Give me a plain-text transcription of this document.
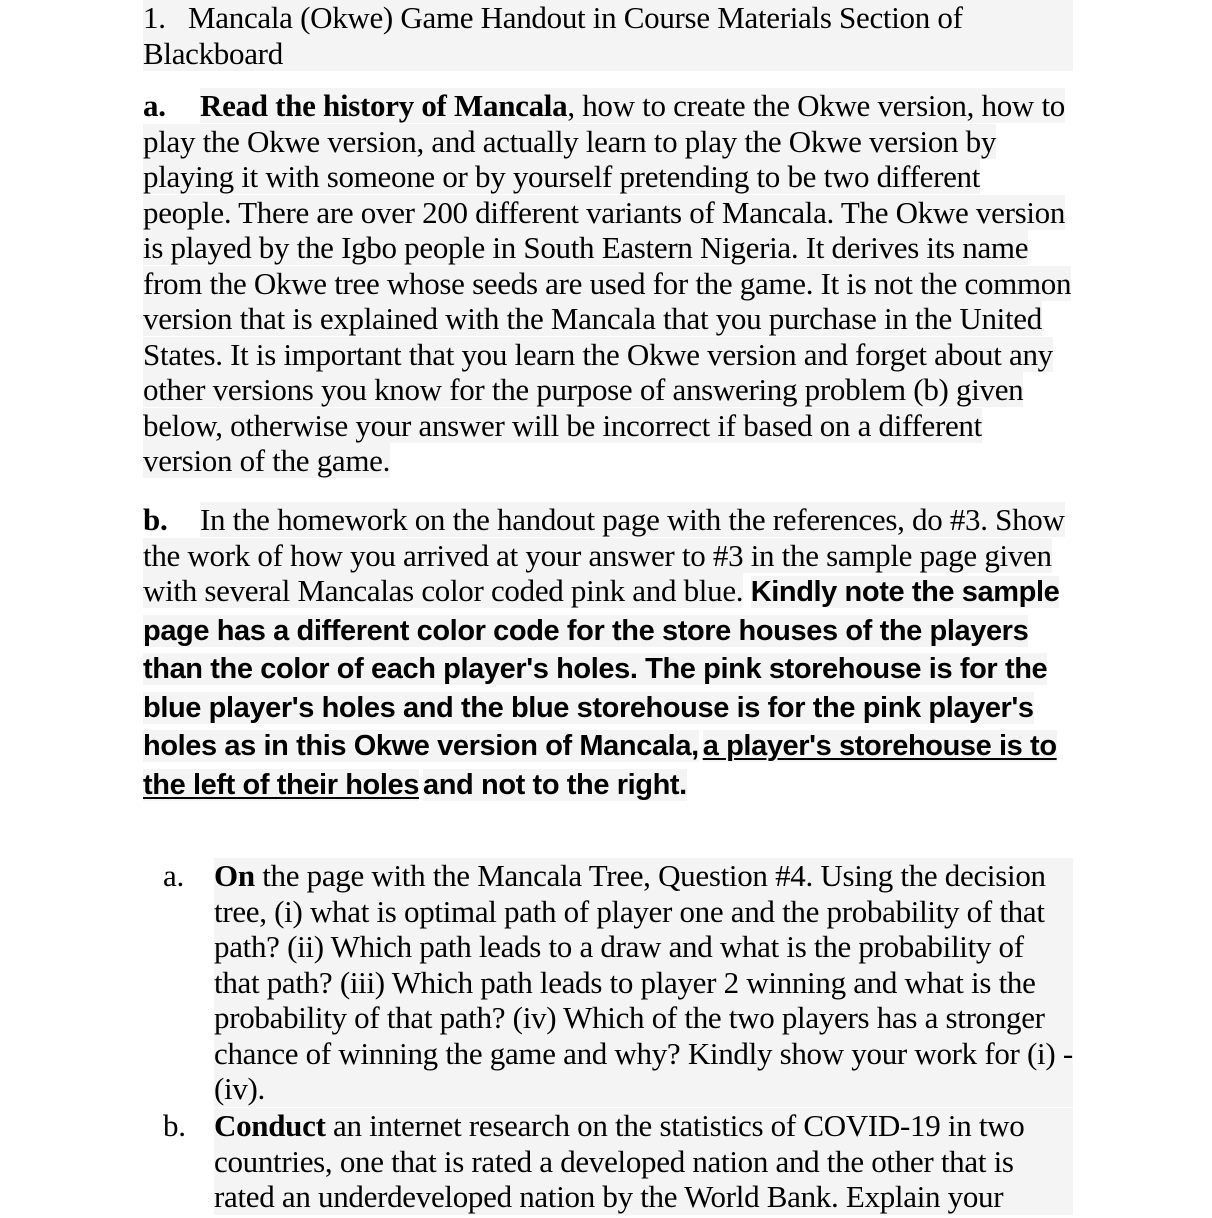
1. Mancala (Okwe) Game Handout in Course Materials Section of Blackboard
a. Read the history of Mancala, how to create the Okwe version, how to play the Okwe version, and actually learn to play the Okwe version by playing it with someone or by yourself pretending to be two different people. There are over 200 different variants of Mancala. The Okwe version is played by the Igbo people in South Eastern Nigeria. It derives its name from the Okwe tree whose seeds are used for the game. It is not the common version that is explained with the Mancala that you purchase in the United States. It is important that you learn the Okwe version and forget about any other versions you know for the purpose of answering problem (b) given below, otherwise your answer will be incorrect if based on a different version of the game.
b. In the homework on the handout page with the references, do #3. Show the work of how you arrived at your answer to #3 in the sample page given with several Mancalas color coded pink and blue. Kindly note the sample page has a different color code for the store houses of the players than the color of each player's holes. The pink storehouse is for the blue player's holes and the blue storehouse is for the pink player's holes as in this Okwe version of Mancala, a player's storehouse is to the left of their holes and not to the right.
a. On the page with the Mancala Tree, Question #4. Using the decision tree, (i) what is optimal path of player one and the probability of that path? (ii) Which path leads to a draw and what is the probability of that path? (iii) Which path leads to player 2 winning and what is the probability of that path? (iv) Which of the two players has a stronger chance of winning the game and why? Kindly show your work for (i) - (iv).
b. Conduct an internet research on the statistics of COVID-19 in two countries, one that is rated a developed nation and the other that is rated an underdeveloped nation by the World Bank. Explain your
